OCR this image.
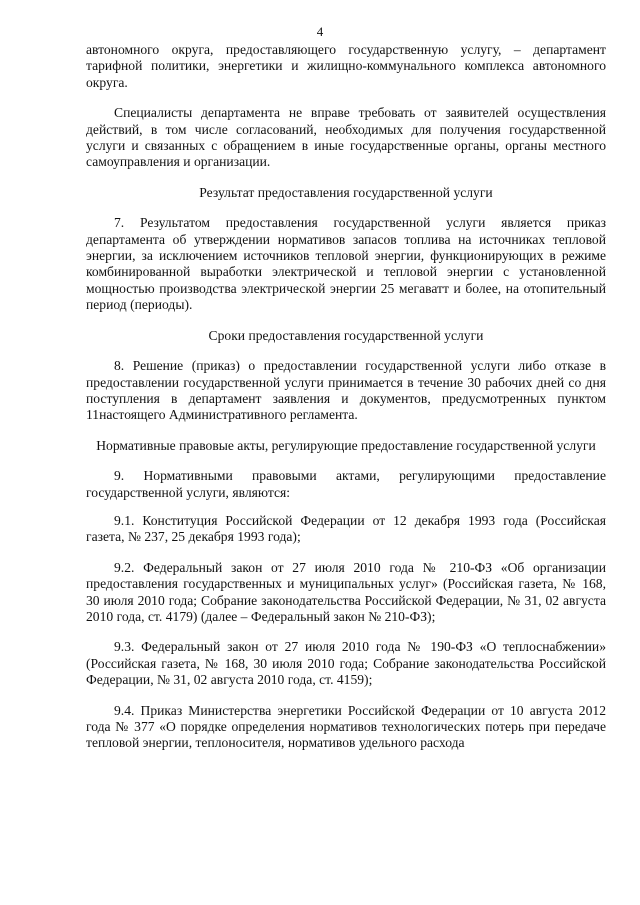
4

автономного округа, предоставляющего государственную услугу, – департамент тарифной политики, энергетики и жилищно-коммунального комплекса автономного округа.

Специалисты департамента не вправе требовать от заявителей осуществления действий, в том числе согласований, необходимых для получения государственной услуги и связанных с обращением в иные государственные органы, органы местного самоуправления и организации.

Результат предоставления государственной услуги

7. Результатом предоставления государственной услуги является приказ департамента об утверждении нормативов запасов топлива на источниках тепловой энергии, за исключением источников тепловой энергии, функционирующих в режиме комбинированной выработки электрической и тепловой энергии с установленной мощностью производства электрической энергии 25 мегаватт и более, на отопительный период (периоды).

Сроки предоставления государственной услуги

8. Решение (приказ) о предоставлении государственной услуги либо отказе в предоставлении государственной услуги принимается в течение 30 рабочих дней со дня поступления в департамент заявления и документов, предусмотренных пунктом 11настоящего Административного регламента.

Нормативные правовые акты, регулирующие предоставление государственной услуги

9. Нормативными правовыми актами, регулирующими предоставление государственной услуги, являются:

9.1. Конституция Российской Федерации от 12 декабря 1993 года (Российская газета, № 237, 25 декабря 1993 года);

9.2. Федеральный закон от 27 июля 2010 года № 210-ФЗ «Об организации предоставления государственных и муниципальных услуг» (Российская газета, № 168, 30 июля 2010 года; Собрание законодательства Российской Федерации, № 31, 02 августа 2010 года, ст. 4179) (далее – Федеральный закон № 210-ФЗ);

9.3. Федеральный закон от 27 июля 2010 года № 190-ФЗ «О теплоснабжении» (Российская газета, № 168, 30 июля 2010 года; Собрание законодательства Российской Федерации, № 31, 02 августа 2010 года, ст. 4159);

9.4. Приказ Министерства энергетики Российской Федерации от 10 августа 2012 года № 377 «О порядке определения нормативов технологических потерь при передаче тепловой энергии, теплоносителя, нормативов удельного расхода
